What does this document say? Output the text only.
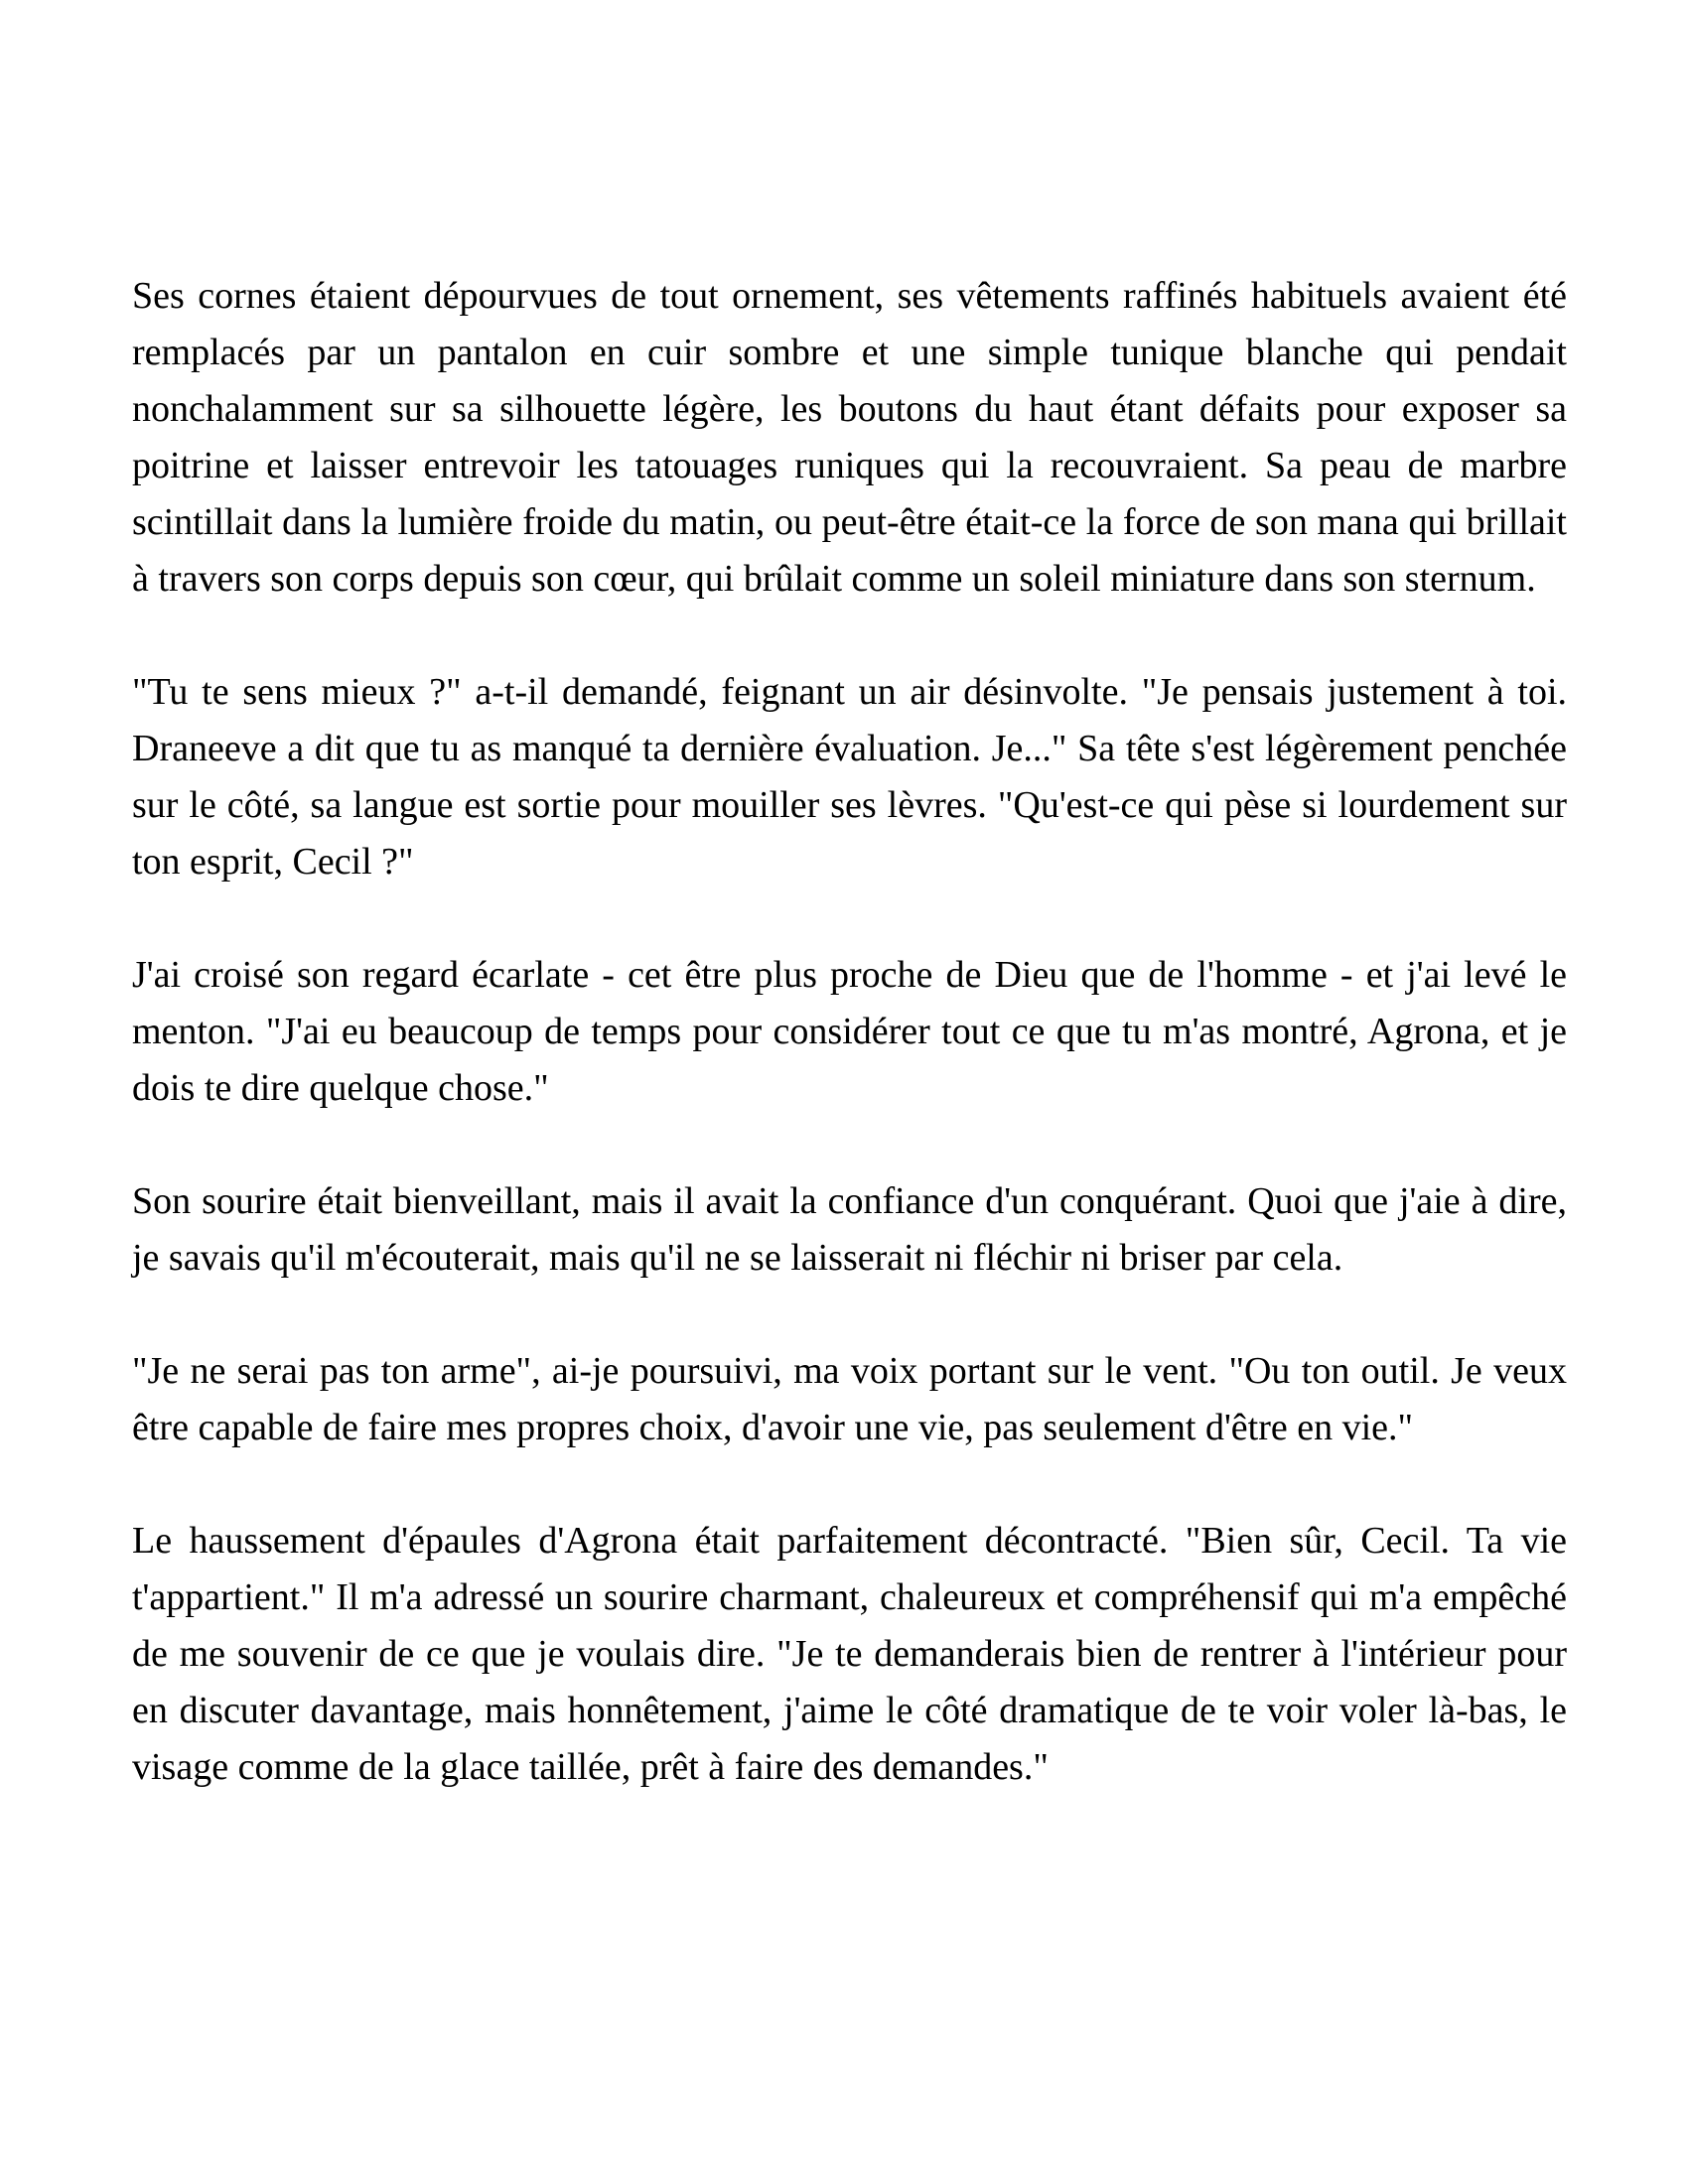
Ses cornes étaient dépourvues de tout ornement, ses vêtements raffinés habituels avaient été remplacés par un pantalon en cuir sombre et une simple tunique blanche qui pendait nonchalamment sur sa silhouette légère, les boutons du haut étant défaits pour exposer sa poitrine et laisser entrevoir les tatouages runiques qui la recouvraient. Sa peau de marbre scintillait dans la lumière froide du matin, ou peut-être était-ce la force de son mana qui brillait à travers son corps depuis son cœur, qui brûlait comme un soleil miniature dans son sternum.

"Tu te sens mieux ?" a-t-il demandé, feignant un air désinvolte. "Je pensais justement à toi. Draneeve a dit que tu as manqué ta dernière évaluation. Je..." Sa tête s'est légèrement penchée sur le côté, sa langue est sortie pour mouiller ses lèvres. "Qu'est-ce qui pèse si lourdement sur ton esprit, Cecil ?"

J'ai croisé son regard écarlate - cet être plus proche de Dieu que de l'homme - et j'ai levé le menton. "J'ai eu beaucoup de temps pour considérer tout ce que tu m'as montré, Agrona, et je dois te dire quelque chose."

Son sourire était bienveillant, mais il avait la confiance d'un conquérant. Quoi que j'aie à dire, je savais qu'il m'écouterait, mais qu'il ne se laisserait ni fléchir ni briser par cela.

"Je ne serai pas ton arme", ai-je poursuivi, ma voix portant sur le vent. "Ou ton outil. Je veux être capable de faire mes propres choix, d'avoir une vie, pas seulement d'être en vie."

Le haussement d'épaules d'Agrona était parfaitement décontracté. "Bien sûr, Cecil. Ta vie t'appartient." Il m'a adressé un sourire charmant, chaleureux et compréhensif qui m'a empêché de me souvenir de ce que je voulais dire. "Je te demanderais bien de rentrer à l'intérieur pour en discuter davantage, mais honnêtement, j'aime le côté dramatique de te voir voler là-bas, le visage comme de la glace taillée, prêt à faire des demandes."
